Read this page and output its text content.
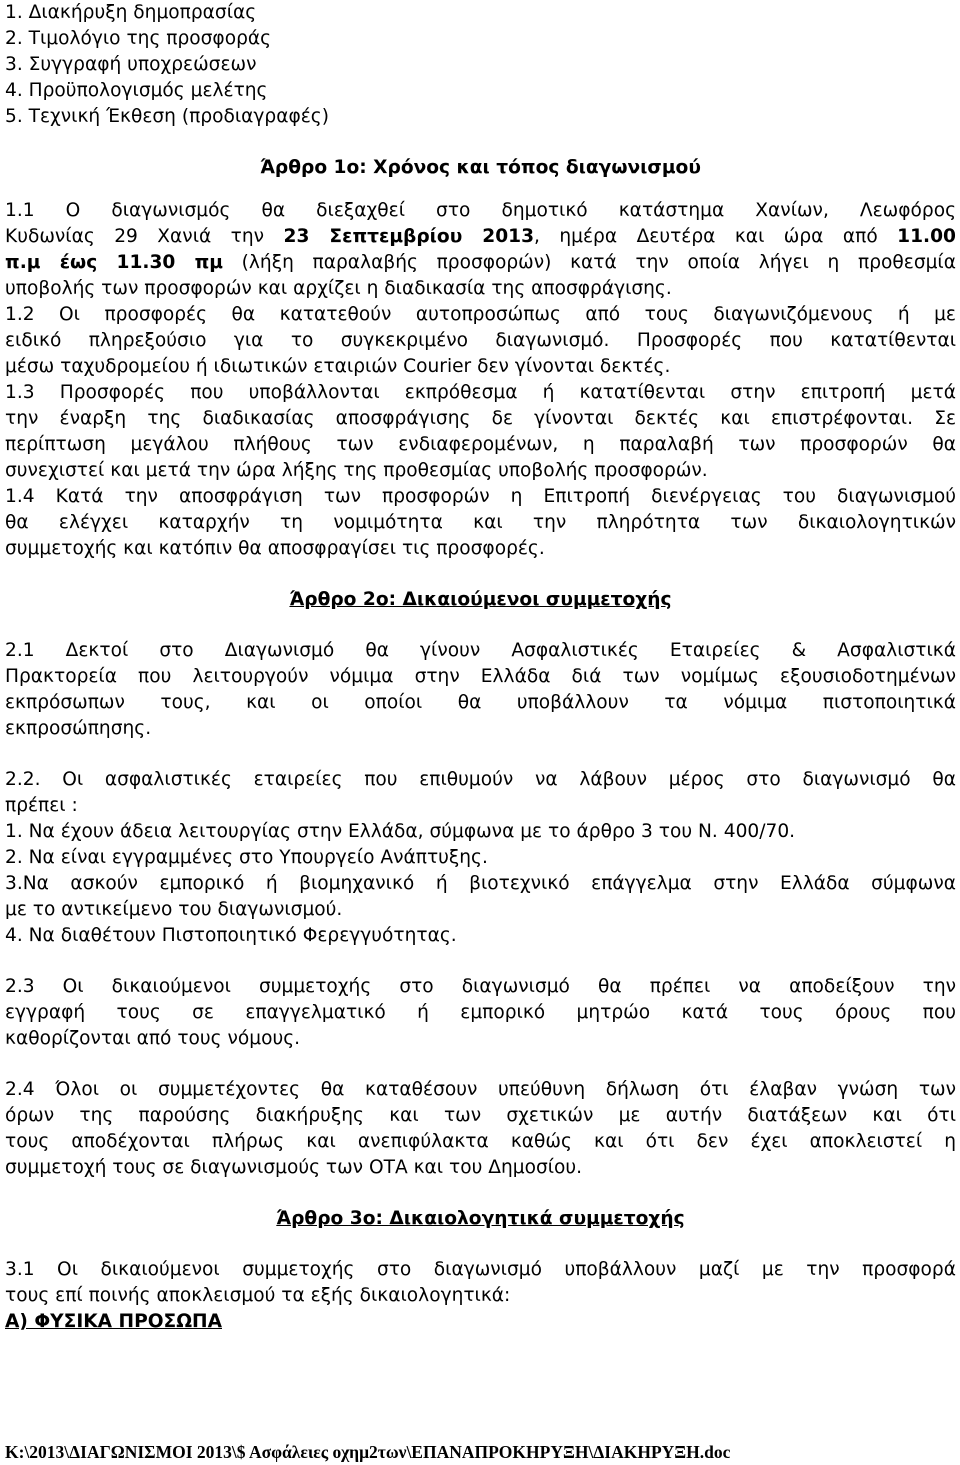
1. Διακήρυξη δημοπρασίας
2. Τιμολόγιο της προσφοράς
3. Συγγραφή υποχρεώσεων
4. Προϋπολογισμός μελέτης
5. Τεχνική Έκθεση (προδιαγραφές)
Άρθρο 1ο: Χρόνος και τόπος διαγωνισμού
1.1 Ο διαγωνισμός θα διεξαχθεί στο δημοτικό κατάστημα Χανίων, Λεωφόρος
Κυδωνίας 29 Χανιά την 23 Σεπτεμβρίου 2013, ημέρα Δευτέρα και ώρα από 11.00
π.μ έως 11.30 πμ (λήξη παραλαβής προσφορών) κατά την οποία λήγει η προθεσμία
υποβολής των προσφορών και αρχίζει η διαδικασία της αποσφράγισης.
1.2 Οι προσφορές θα κατατεθούν αυτοπροσώπως από τους διαγωνιζόμενους ή με
ειδικό πληρεξούσιο για το συγκεκριμένο διαγωνισμό. Προσφορές που κατατίθενται
μέσω ταχυδρομείου ή ιδιωτικών εταιριών Courier δεν γίνονται δεκτές.
1.3 Προσφορές που υποβάλλονται εκπρόθεσμα ή κατατίθενται στην επιτροπή μετά
την έναρξη της διαδικασίας αποσφράγισης δε γίνονται δεκτές και επιστρέφονται. Σε
περίπτωση μεγάλου πλήθους των ενδιαφερομένων, η παραλαβή των προσφορών θα
συνεχιστεί και μετά την ώρα λήξης της προθεσμίας υποβολής προσφορών.
1.4 Κατά την αποσφράγιση των προσφορών η Επιτροπή διενέργειας του διαγωνισμού
θα ελέγχει καταρχήν τη νομιμότητα και την πληρότητα των δικαιολογητικών
συμμετοχής και κατόπιν θα αποσφραγίσει τις προσφορές.
Άρθρο 2ο: Δικαιούμενοι συμμετοχής
2.1 Δεκτοί στο Διαγωνισμό θα γίνουν Ασφαλιστικές Εταιρείες & Ασφαλιστικά
Πρακτορεία που λειτουργούν νόμιμα στην Ελλάδα διά των νομίμως εξουσιοδοτημένων
εκπρόσωπων τους, και οι οποίοι θα υποβάλλουν τα νόμιμα πιστοποιητικά
εκπροσώπησης.
2.2. Οι ασφαλιστικές εταιρείες που επιθυμούν να λάβουν μέρος στο διαγωνισμό θα
πρέπει :
1. Να έχουν άδεια λειτουργίας στην Ελλάδα, σύμφωνα με το άρθρο 3 του Ν. 400/70.
2. Να είναι εγγραμμένες στο Υπουργείο Ανάπτυξης.
3.Να ασκούν εμπορικό ή βιομηχανικό ή βιοτεχνικό επάγγελμα στην Ελλάδα σύμφωνα
με το αντικείμενο του διαγωνισμού.
4. Να διαθέτουν Πιστοποιητικό Φερεγγυότητας.
2.3 Οι δικαιούμενοι συμμετοχής στο διαγωνισμό θα πρέπει να αποδείξουν την
εγγραφή τους σε επαγγελματικό ή εμπορικό μητρώο κατά τους όρους που
καθορίζονται από τους νόμους.
2.4 Όλοι οι συμμετέχοντες θα καταθέσουν υπεύθυνη δήλωση ότι έλαβαν γνώση των
όρων της παρούσης διακήρυξης και των σχετικών με αυτήν διατάξεων και ότι
τους αποδέχονται πλήρως και ανεπιφύλακτα καθώς και ότι δεν έχει αποκλειστεί η
συμμετοχή τους σε διαγωνισμούς των ΟΤΑ και του Δημοσίου.
Άρθρο 3ο: Δικαιολογητικά συμμετοχής
3.1 Οι δικαιούμενοι συμμετοχής στο διαγωνισμό υποβάλλουν μαζί με την προσφορά
τους επί ποινής αποκλεισμού τα εξής δικαιολογητικά:
Α) ΦΥΣΙΚΑ ΠΡΟΣΩΠΑ
K:\2013\ΔΙΑΓΩΝΙΣΜΟΙ 2013\$ Ασφάλειες οχημ2των\ΕΠΑΝΑΠΡΟΚΗΡΥΞΗ\ΔΙΑΚΗΡΥΞΗ.doc
